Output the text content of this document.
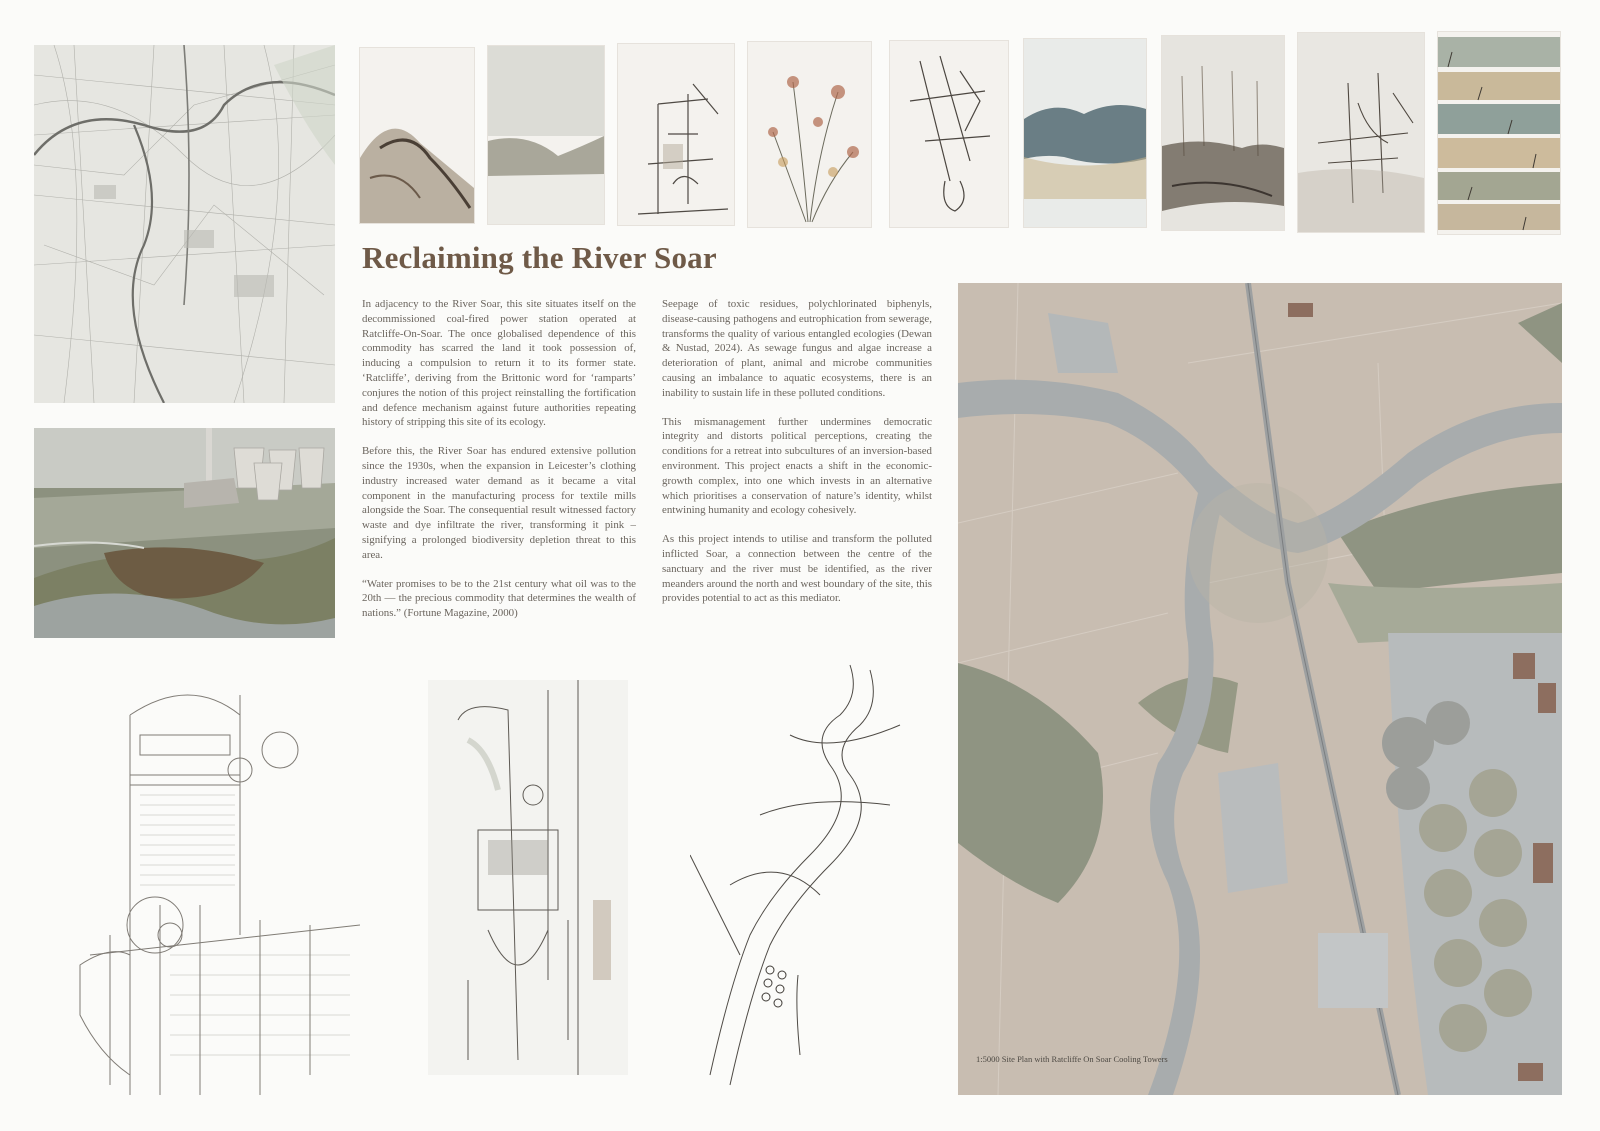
Reclaiming the River Soar

In adjacency to the River Soar, this site situates itself on the decommissioned coal-fired power station operated at Ratcliffe-On-Soar. The once globalised dependence of this commodity has scarred the land it took possession of, inducing a compulsion to return it to its former state. ‘Ratcliffe’, deriving from the Brittonic word for ‘ramparts’ conjures the notion of this project reinstalling the fortification and defence mechanism against future authorities repeating history of stripping this site of its ecology.

Before this, the River Soar has endured extensive pollution since the 1930s, when the expansion in Leicester’s clothing industry increased water demand as it became a vital component in the manufacturing process for textile mills alongside the Soar. The consequential result witnessed factory waste and dye infiltrate the river, transforming it pink – signifying a prolonged biodiversity depletion threat to this area.

“Water promises to be to the 21st century what oil was to the 20th — the precious commodity that determines the wealth of nations.” (Fortune Magazine, 2000)

Seepage of toxic residues, polychlorinated biphenyls, disease-causing pathogens and eutrophication from sewerage, transforms the quality of various entangled ecologies (Dewan & Nustad, 2024). As sewage fungus and algae increase a deterioration of plant, animal and microbe communities causing an imbalance to aquatic ecosystems, there is an inability to sustain life in these polluted conditions.

This mismanagement further undermines democratic integrity and distorts political perceptions, creating the conditions for a retreat into subcultures of an inversion-based environment. This project enacts a shift in the economic-growth complex, into one which invests in an alternative which prioritises a conservation of nature’s identity, whilst entwining humanity and ecology cohesively.

As this project intends to utilise and transform the polluted inflicted Soar, a connection between the centre of the sanctuary and the river must be identified, as the river meanders around the north and west boundary of the site, this provides potential to act as this mediator.

1:5000 Site Plan with Ratcliffe On Soar Cooling Towers
